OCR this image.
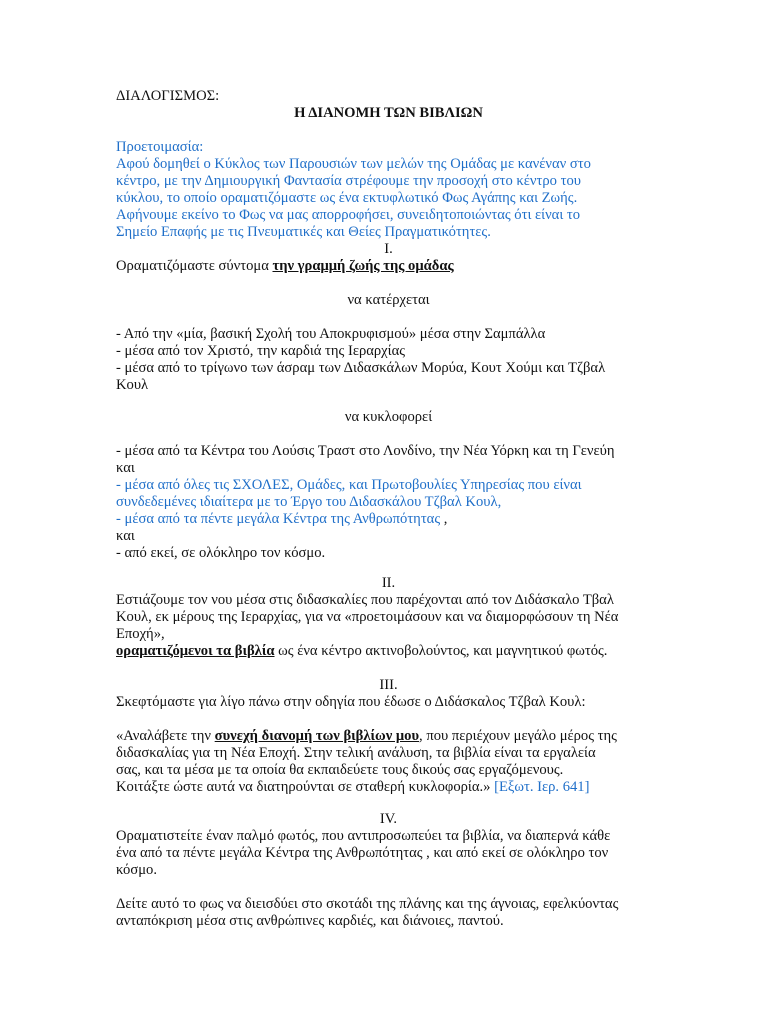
ΔΙΑΛΟΓΙΣΜΟΣ:

Η ΔΙΑΝΟΜΗ ΤΩΝ ΒΙΒΛΙΩΝ

Προετοιμασία:
Αφού δομηθεί ο Κύκλος των Παρουσιών των μελών της Ομάδας με κανέναν στο
κέντρο, με την Δημιουργική Φαντασία στρέφουμε την προσοχή στο κέντρο του
κύκλου, το οποίο οραματιζόμαστε ως ένα εκτυφλωτικό Φως Αγάπης και Ζωής.
Αφήνουμε εκείνο το Φως να μας απορροφήσει, συνειδητοποιώντας ότι είναι το
Σημείο Επαφής με τις Πνευματικές και Θείες Πραγματικότητες.

I.

Οραματιζόμαστε σύντομα την γραμμή ζωής της ομάδας

να κατέρχεται

- Από την «μία, βασική Σχολή του Αποκρυφισμού» μέσα στην Σαμπάλλα
- μέσα από τον Χριστό, την καρδιά της Ιεραρχίας
- μέσα από το τρίγωνο των άσραμ των Διδασκάλων Μορύα, Κουτ Χούμι και Τζβαλ
Κουλ

να κυκλοφορεί

- μέσα από τα Κέντρα του Λούσις Τραστ στο Λονδίνο, την Νέα Υόρκη και τη Γενεύη
και
- μέσα από όλες τις ΣΧΟΛΕΣ, Ομάδες, και Πρωτοβουλίες Υπηρεσίας που είναι
συνδεδεμένες ιδιαίτερα με το Έργο του Διδασκάλου Τζβαλ Κουλ,
- μέσα από τα πέντε μεγάλα Κέντρα της Ανθρωπότητας ,
και
- από εκεί, σε ολόκληρο τον κόσμο.

II.

Εστιάζουμε τον νου μέσα στις διδασκαλίες που παρέχονται από τον Διδάσκαλο Τβαλ
Κουλ, εκ μέρους της Ιεραρχίας, για να «προετοιμάσουν και να διαμορφώσουν τη Νέα
Εποχή»,
οραματιζόμενοι τα βιβλία ως ένα κέντρο ακτινοβολούντος, και μαγνητικού φωτός.

III.

Σκεφτόμαστε για λίγο πάνω στην οδηγία που έδωσε ο Διδάσκαλος Τζβαλ Κουλ:

«Αναλάβετε την συνεχή διανομή των βιβλίων μου, που περιέχουν μεγάλο μέρος της
διδασκαλίας για τη Νέα Εποχή. Στην τελική ανάλυση, τα βιβλία είναι τα εργαλεία
σας, και τα μέσα με τα οποία θα εκπαιδεύετε τους δικούς σας εργαζόμενους.
Κοιτάξτε ώστε αυτά να διατηρούνται σε σταθερή κυκλοφορία.» [Εξωτ. Ιερ. 641]

IV.

Οραματιστείτε έναν παλμό φωτός, που αντιπροσωπεύει τα βιβλία, να διαπερνά κάθε
ένα από τα πέντε μεγάλα Κέντρα της Ανθρωπότητας , και από εκεί σε ολόκληρο τον
κόσμο.
Δείτε αυτό το φως να διεισδύει στο σκοτάδι της πλάνης και της άγνοιας, εφελκύοντας
ανταπόκριση μέσα στις ανθρώπινες καρδιές, και διάνοιες, παντού.
